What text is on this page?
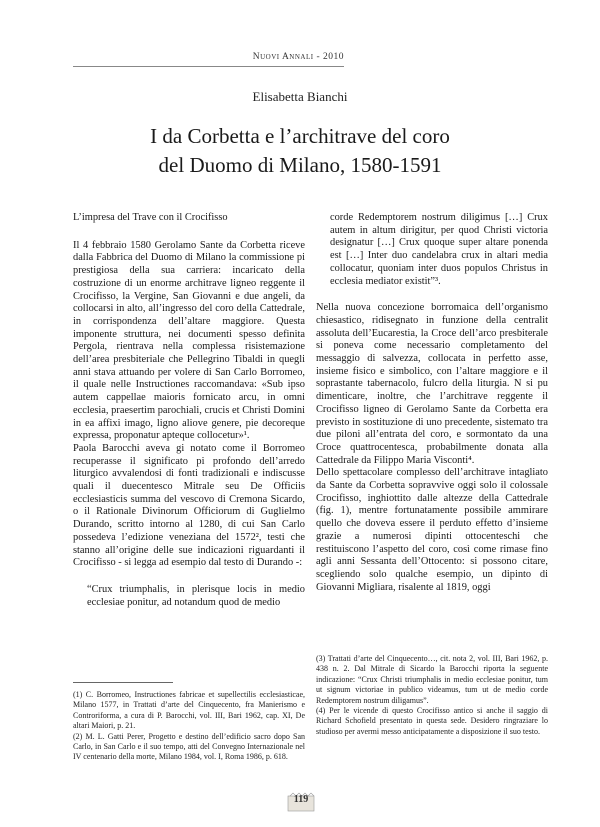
Nuovi Annali - 2010
Elisabetta Bianchi
I da Corbetta e l’architrave del coro
del Duomo di Milano, 1580-1591

L’impresa del Trave con il Crocifisso

Il 4 febbraio 1580 Gerolamo Sante da Corbetta riceve dalla Fabbrica del Duomo di Milano la commissione pi prestigiosa della sua carriera: incaricato della costruzione di un enorme architrave ligneo reggente il Crocifisso, la Vergine, San Giovanni e due angeli, da collocarsi in alto, all’ingresso del coro della Cattedrale, in corrispondenza dell’altare maggiore. Questa imponente struttura, nei documenti spesso definita Pergola, rientrava nella complessa risistemazione dell’area presbiteriale che Pellegrino Tibaldi in quegli anni stava attuando per volere di San Carlo Borromeo, il quale nelle Instructiones raccomandava: «Sub ipso autem cappellae maioris fornicato arcu, in omni ecclesia, praesertim parochiali, crucis et Christi Domini in ea affixi imago, ligno aliove genere, pie decoreque expressa, proponatur apteque collocetur»¹.

Paola Barocchi aveva gi notato come il Borromeo recuperasse il significato pi profondo dell’arredo liturgico avvalendosi di fonti tradizionali e indiscusse quali il duecentesco Mitrale seu De Officiis ecclesiasticis summa del vescovo di Cremona Sicardo, o il Rationale Divinorum Officiorum di Guglielmo Durando, scritto intorno al 1280, di cui San Carlo possedeva l’edizione veneziana del 1572², testi che stanno all’origine delle sue indicazioni riguardanti il Crocifisso - si legga ad esempio dal testo di Durando -:

“Crux triumphalis, in plerisque locis in medio ecclesiae ponitur, ad notandum quod de medio

corde Redemptorem nostrum diligimus […] Crux autem in altum dirigitur, per quod Christi victoria designatur […] Crux quoque super altare ponenda est […] Inter duo candelabra crux in altari media collocatur, quoniam inter duos populos Christus in ecclesia mediator existit”³.

Nella nuova concezione borromaica dell’organismo chiesastico, ridisegnato in funzione della centralit assoluta dell’Eucarestia, la Croce dell’arco presbiterale si poneva come necessario completamento del messaggio di salvezza, collocata in perfetto asse, insieme fisico e simbolico, con l’altare maggiore e il soprastante tabernacolo, fulcro della liturgia. N si pu dimenticare, inoltre, che l’architrave reggente il Crocifisso ligneo di Gerolamo Sante da Corbetta era previsto in sostituzione di uno precedente, sistemato tra due piloni all’entrata del coro, e sormontato da una Croce quattrocentesca, probabilmente donata alla Cattedrale da Filippo Maria Visconti⁴.

Dello spettacolare complesso dell’architrave intagliato da Sante da Corbetta sopravvive oggi solo il colossale Crocifisso, inghiottito dalle altezze della Cattedrale (fig. 1), mentre fortunatamente possibile ammirare quello che doveva essere il perduto effetto d’insieme grazie a numerosi dipinti ottocenteschi che restituiscono l’aspetto del coro, così come rimase fino agli anni Sessanta dell’Ottocento: si possono citare, scegliendo solo qualche esempio, un dipinto di Giovanni Migliara, risalente al 1819, oggi

(1) C. Borromeo, Instructiones fabricae et supellectilis ecclesiasticae, Milano 1577, in Trattati d’arte del Cinquecento, fra Manierismo e Controriforma, a cura di P. Barocchi, vol. III, Bari 1962, cap. XI, De altari Maiori, p. 21.

(2) M. L. Gatti Perer, Progetto e destino dell’edificio sacro dopo San Carlo, in San Carlo e il suo tempo, atti del Convegno Internazionale nel IV centenario della morte, Milano 1984, vol. I, Roma 1986, p. 618.

(3) Trattati d’arte del Cinquecento…, cit. nota 2, vol. III, Bari 1962, p. 438 n. 2. Dal Mitrale di Sicardo la Barocchi riporta la seguente indicazione: “Crux Christi triumphalis in medio ecclesiae ponitur, tum ut signum victoriae in publico videamus, tum ut de medio corde Redemptorem nostrum diligamus”.

(4) Per le vicende di questo Crocifisso antico si anche il saggio di Richard Schofield presentato in questa sede. Desidero ringraziare lo studioso per avermi messo anticipatamente a disposizione il suo testo.

119
